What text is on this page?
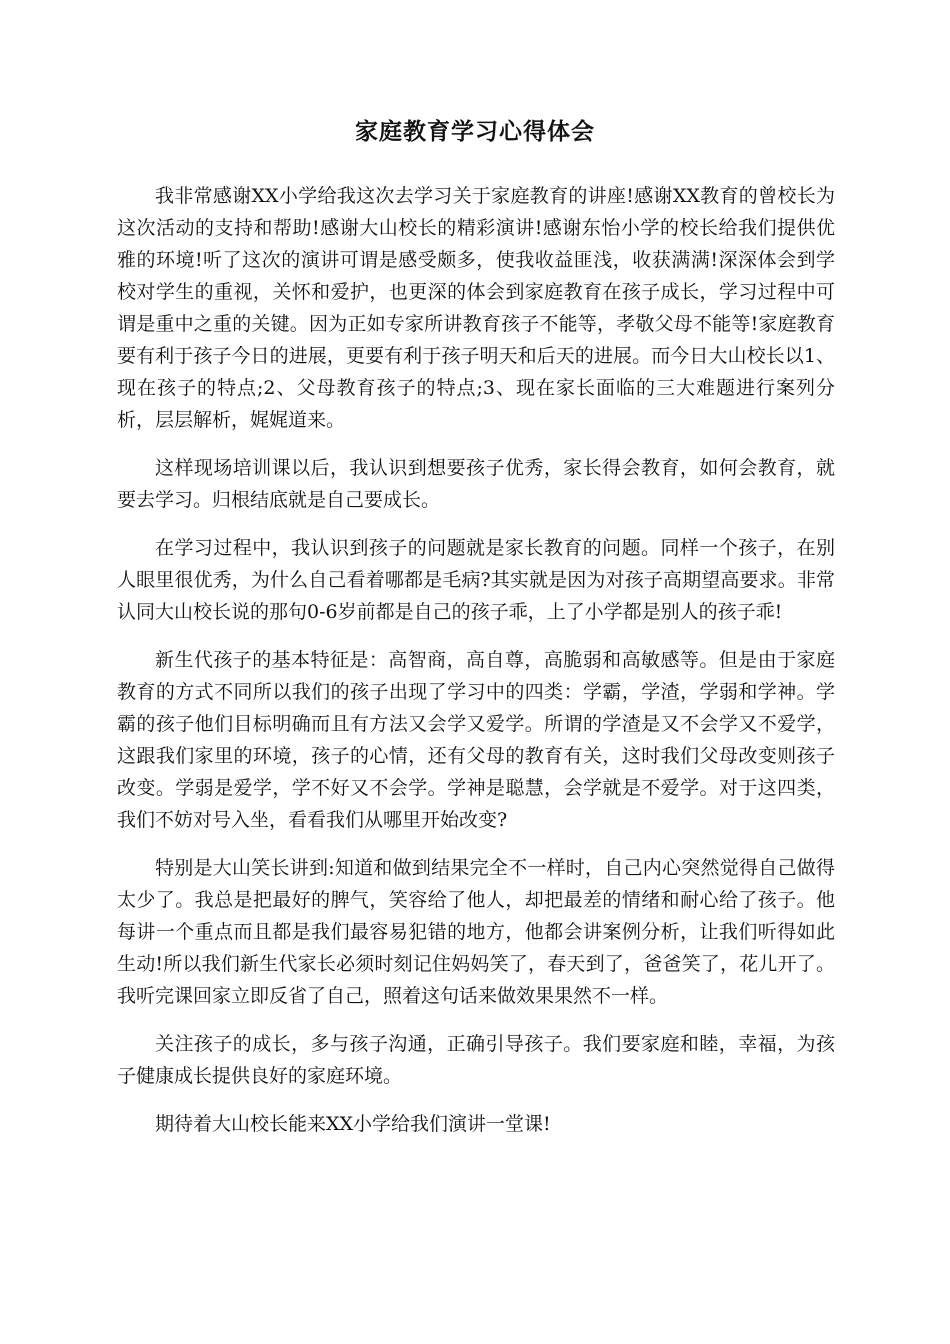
家庭教育学习心得体会

我非常感谢XX小学给我这次去学习关于家庭教育的讲座!感谢XX教育的曾校长为这次活动的支持和帮助!感谢大山校长的精彩演讲!感谢东怡小学的校长给我们提供优雅的环境!听了这次的演讲可谓是感受颇多，使我收益匪浅，收获满满!深深体会到学校对学生的重视，关怀和爱护，也更深的体会到家庭教育在孩子成长，学习过程中可谓是重中之重的关键。因为正如专家所讲教育孩子不能等，孝敬父母不能等!家庭教育要有利于孩子今日的进展，更要有利于孩子明天和后天的进展。而今日大山校长以1、现在孩子的特点;2、父母教育孩子的特点;3、现在家长面临的三大难题进行案列分析，层层解析，娓娓道来。

这样现场培训课以后，我认识到想要孩子优秀，家长得会教育，如何会教育，就要去学习。归根结底就是自己要成长。

在学习过程中，我认识到孩子的问题就是家长教育的问题。同样一个孩子，在别人眼里很优秀，为什么自己看着哪都是毛病?其实就是因为对孩子高期望高要求。非常认同大山校长说的那句0-6岁前都是自己的孩子乖，上了小学都是别人的孩子乖!

新生代孩子的基本特征是：高智商，高自尊，高脆弱和高敏感等。但是由于家庭教育的方式不同所以我们的孩子出现了学习中的四类：学霸，学渣，学弱和学神。学霸的孩子他们目标明确而且有方法又会学又爱学。所谓的学渣是又不会学又不爱学，这跟我们家里的环境，孩子的心情，还有父母的教育有关，这时我们父母改变则孩子改变。学弱是爱学，学不好又不会学。学神是聪慧，会学就是不爱学。对于这四类，我们不妨对号入坐，看看我们从哪里开始改变?

特别是大山笑长讲到:知道和做到结果完全不一样时，自己内心突然觉得自己做得太少了。我总是把最好的脾气，笑容给了他人，却把最差的情绪和耐心给了孩子。他每讲一个重点而且都是我们最容易犯错的地方，他都会讲案例分析，让我们听得如此生动!所以我们新生代家长必须时刻记住妈妈笑了，春天到了，爸爸笑了，花儿开了。我听完课回家立即反省了自己，照着这句话来做效果果然不一样。

关注孩子的成长，多与孩子沟通，正确引导孩子。我们要家庭和睦，幸福，为孩子健康成长提供良好的家庭环境。

期待着大山校长能来XX小学给我们演讲一堂课!
